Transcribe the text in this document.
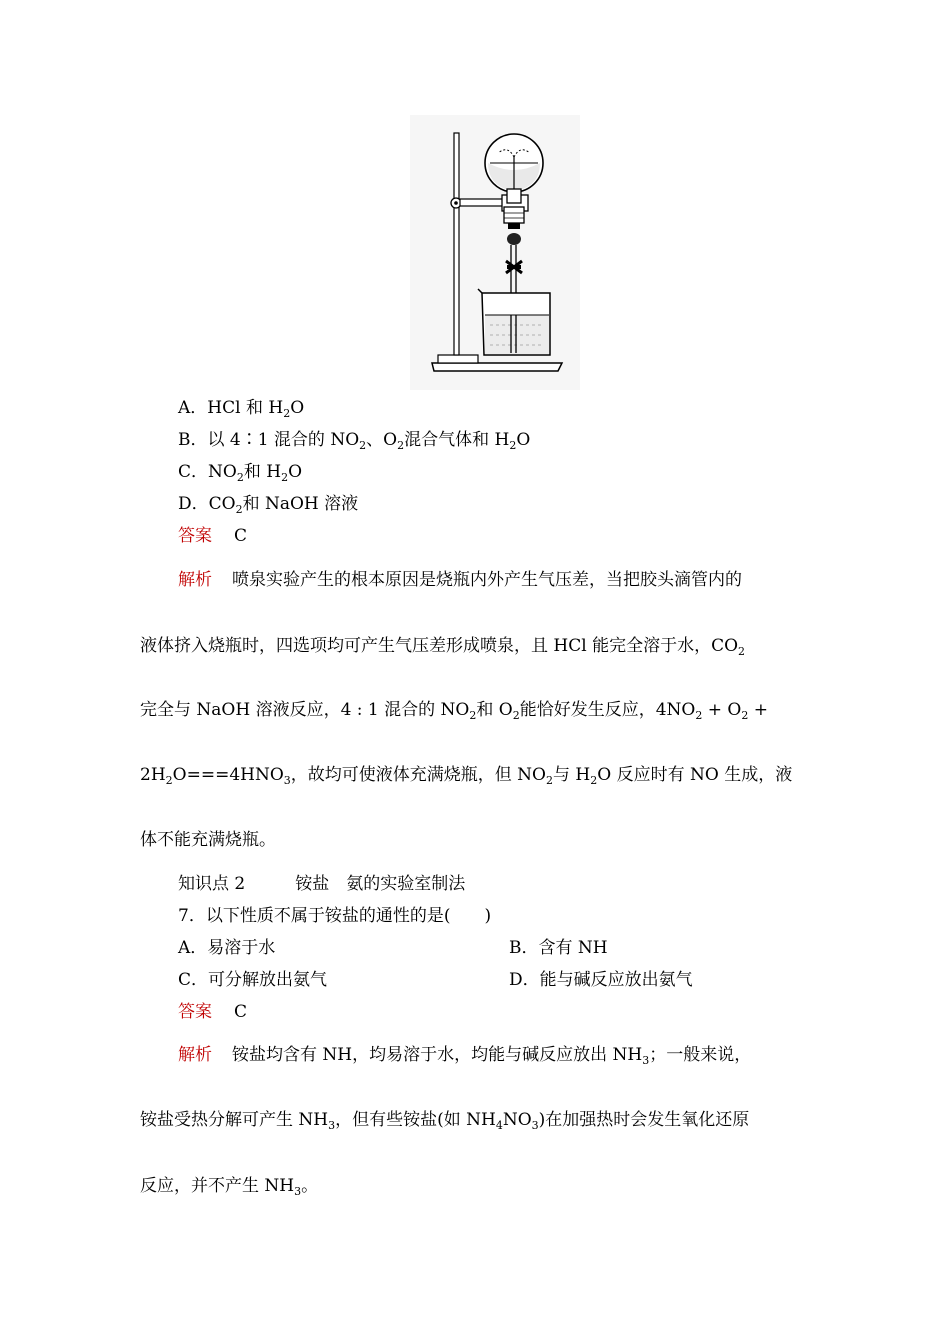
A．HCl 和 $H_2O$
B．以 4∶1 混合的 $NO_2$、$O_2$混合气体和 $H_2O$
C．$NO_2$和 $H_2O$
D．$CO_2$和 NaOH 溶液
答案 C
解析 喷泉实验产生的根本原因是烧瓶内外产生气压差，当把胶头滴管内的
液体挤入烧瓶时，四选项均可产生气压差形成喷泉，且 HCl 能完全溶于水，$CO_2$
完全与 NaOH 溶液反应，4 : 1 混合的 $NO_2$和 $O_2$能恰好发生反应，$4NO_2 + O_2$ +
$2H_2O===4HNO_3$，故均可使液体充满烧瓶，但 $NO_2$与 $H_2O$ 反应时有 NO 生成，液
体不能充满烧瓶。
知识点 2	铵盐　氨的实验室制法
7．以下性质不属于铵盐的通性的是(　　)
A．易溶于水	B．含有 NH
C．可分解放出氨气	D．能与碱反应放出氨气
答案 C
解析 铵盐均含有 NH，均易溶于水，均能与碱反应放出 $NH_3$；一般来说，
铵盐受热分解可产生 $NH_3$，但有些铵盐(如 $NH_4NO_3$)在加强热时会发生氧化还原
反应，并不产生 $NH_3$。
